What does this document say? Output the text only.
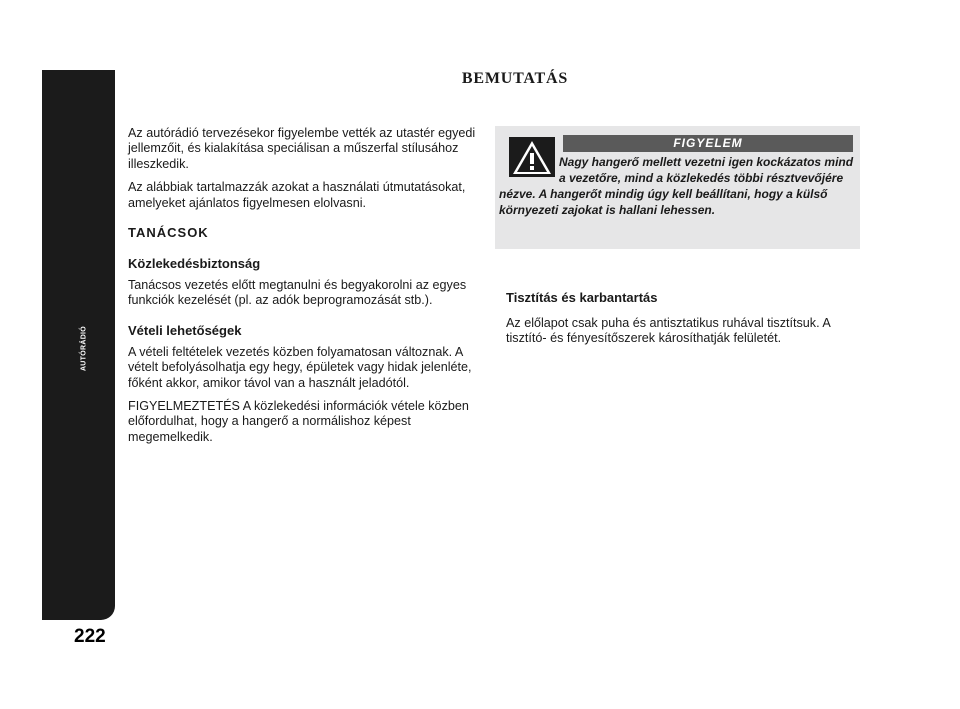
AUTÓRÁDIÓ
222
BEMUTATÁS

Az autórádió tervezésekor figyelembe vették az utastér egyedi jellemzőit, és kialakítása speciálisan a műszerfal stílusához illeszkedik.

Az alábbiak tartalmazzák azokat a használati útmutatásokat, amelyeket ajánlatos figyelmesen elolvasni.

TANÁCSOK
Közlekedésbiztonság

Tanácsos vezetés előtt megtanulni és begyakorolni az egyes funkciók kezelését (pl. az adók beprogramozását stb.).

Vételi lehetőségek

A vételi feltételek vezetés közben folyamatosan változnak. A vételt befolyásolhatja egy hegy, épületek vagy hidak jelenléte, főként akkor, amikor távol van a használt jeladótól.

FIGYELMEZTETÉS A közlekedési információk vétele közben előfordulhat, hogy a hangerő a normálishoz képest megemelkedik.

FIGYELEM
Nagy hangerő mellett vezetni igen kockázatos mind a vezetőre, mind a közlekedés többi résztvevőjére nézve. A hangerőt mindig úgy kell beállítani, hogy a külső környezeti zajokat is hallani lehessen.
Tisztítás és karbantartás

Az előlapot csak puha és antisztatikus ruhával tisztítsuk. A tisztító- és fényesítőszerek károsíthatják felületét.
